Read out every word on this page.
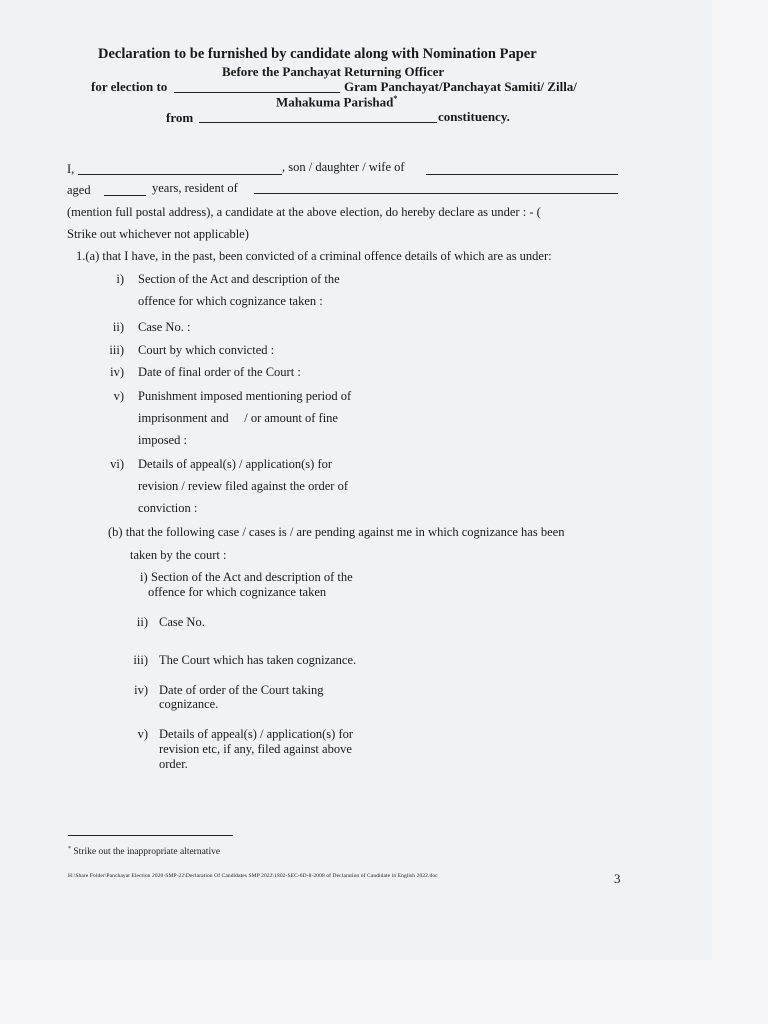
Declaration to be furnished by candidate along with Nomination Paper
Before the Panchayat Returning Officer
for election to	Gram Panchayat/Panchayat Samiti/ Zilla/
Mahakuma Parishad*
from	constituency.
I,	, son / daughter / wife of
aged	years, resident of
(mention full postal address), a candidate at the above election, do hereby declare as under : - (
Strike out whichever not applicable)
1.(a) that I have, in the past, been convicted of a criminal offence details of which are as under:
i) Section of the Act and description of the
offence for which cognizance taken :
ii) Case No. :
iii) Court by which convicted :
iv) Date of final order of the Court :
v) Punishment imposed mentioning period of
imprisonment and     / or amount of fine
imposed :
vi) Details of appeal(s) / application(s) for
revision / review filed against the order of
conviction :
(b) that the following case / cases is / are pending against me in which cognizance has been
taken by the court :
i) Section of the Act and description of the
offence for which cognizance taken
ii) Case No.
iii) The Court which has taken cognizance.
iv) Date of order of the Court taking
cognizance.
v) Details of appeal(s) / application(s) for
revision etc, if any, filed against above
order.
* Strike out the inappropriate alternative
H:\Share Folder\Panchayat Election 2020-SMP-22\Declaration Of Candidates SMP 2022\1802-SEC-6D-8-2008 of Declaration of Candidate in English 2022.doc	3
